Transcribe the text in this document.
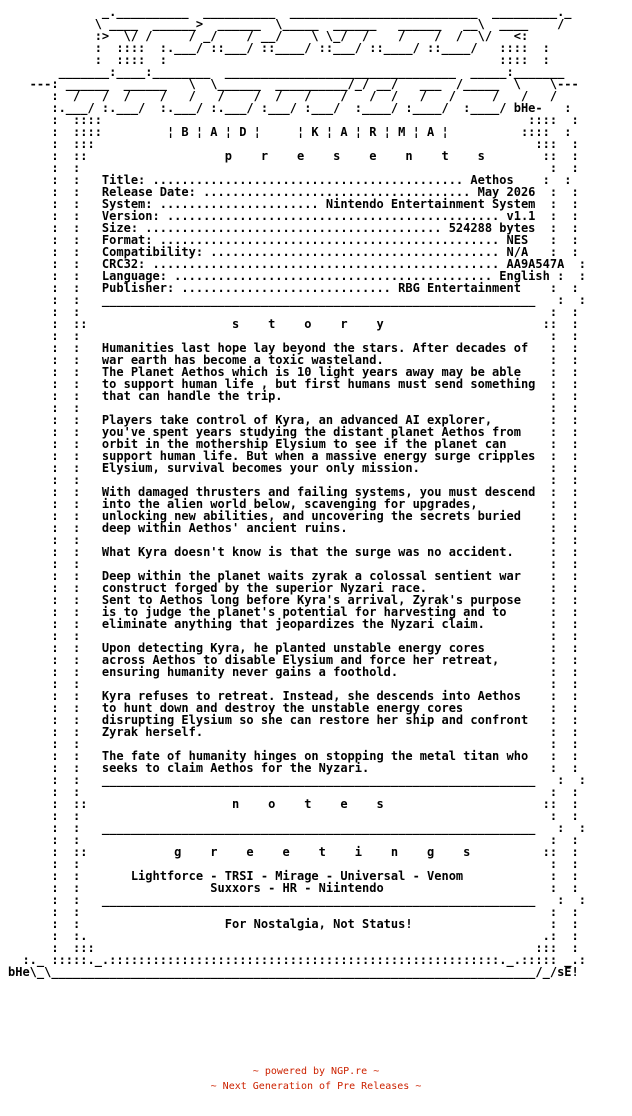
_.__________  __________  __________________________  _________._
\ ____  ______>  ______  \_____  ______   ______   __\  ____    /
:>  \/ /     / _/    / __/    \ \_/  /    /    /  /  \/   <:
:  ::::  :.___/ ::___/ ::____/ ::___/ ::____/ ::____/   ::::  :
:  ::::  :                                              ::::  :
_______:____:________  ________________________________  _____:_______
---: ______  ______   \  \______  __________/_/ __/   ___  /_____  \    \---
:  /   /  /    /   /   /    /  /   /    /   /  /   /   /     /   /   /
:.___/ :.___/  :.___/ :.___/ :___/ :___/  :____/ :____/  :____/ bHe-   :
:  ::::                                                           ::::  :
:  ::::         ¦ B ¦ A ¦ D ¦     ¦ K ¦ A ¦ R ¦ M ¦ A ¦          ::::  :
:  :::                                                             :::  :
:  ::                   p    r    e    s    e    n    t    s        ::  :
:  :                                                                 :  :
:  :   Title: ........................................... Aethos    :  :
:  :   Release Date: ..................................... May 2026  :  :
:  :   System: ...................... Nintendo Entertainment System  :  :
:  :   Version: .............................................. v1.1  :  :
:  :   Size: ......................................... 524288 bytes  :  :
:  :   Format: ............................................... NES   :  :
:  :   Compatibility: ........................................ N/A   :  :
:  :   CRC32: ................................................ AA9A547A  :
:  :   Language: ............................................ English :  :
:  :   Publisher: ............................. RBG Entertainment    :  :
:  :   ____________________________________________________________   :  :
:  :                                                                 :  :
:  ::                    s    t    o    r    y                      ::  :
:  :                                                                 :  :
:  :   Humanities last hope lay beyond the stars. After decades of   :  :
:  :   war earth has become a toxic wasteland.                       :  :
:  :   The Planet Aethos which is 10 light years away may be able    :  :
:  :   to support human life , but first humans must send something  :  :
:  :   that can handle the trip.                                     :  :
:  :                                                                 :  :
:  :   Players take control of Kyra, an advanced AI explorer,        :  :
:  :   you've spent years studying the distant planet Aethos from    :  :
:  :   orbit in the mothership Elysium to see if the planet can      :  :
:  :   support human life. But when a massive energy surge cripples  :  :
:  :   Elysium, survival becomes your only mission.                  :  :
:  :                                                                 :  :
:  :   With damaged thrusters and failing systems, you must descend  :  :
:  :   into the alien world below, scavenging for upgrades,          :  :
:  :   unlocking new abilities, and uncovering the secrets buried    :  :
:  :   deep within Aethos' ancient ruins.                            :  :
:  :                                                                 :  :
:  :   What Kyra doesn't know is that the surge was no accident.     :  :
:  :                                                                 :  :
:  :   Deep within the planet waits zyrak a colossal sentient war    :  :
:  :   construct forged by the superior Nyzari race.                 :  :
:  :   Sent to Aethos long before Kyra's arrival, Zyrak's purpose    :  :
:  :   is to judge the planet's potential for harvesting and to      :  :
:  :   eliminate anything that jeopardizes the Nyzari claim.         :  :
:  :                                                                 :  :
:  :   Upon detecting Kyra, he planted unstable energy cores         :  :
:  :   across Aethos to disable Elysium and force her retreat,       :  :
:  :   ensuring humanity never gains a foothold.                     :  :
:  :                                                                 :  :
:  :   Kyra refuses to retreat. Instead, she descends into Aethos    :  :
:  :   to hunt down and destroy the unstable energy cores            :  :
:  :   disrupting Elysium so she can restore her ship and confront   :  :
:  :   Zyrak herself.                                                :  :
:  :                                                                 :  :
:  :   The fate of humanity hinges on stopping the metal titan who   :  :
:  :   seeks to claim Aethos for the Nyzari.                         :  :
:  :   ____________________________________________________________   :  :
:  :                                                                 :  :
:  ::                    n    o    t    e    s                      ::  :
:  :                                                                 :  :
:  :   ____________________________________________________________   :  :
:  :                                                                 :  :
:  ::            g    r    e    e    t    i    n    g    s          ::  :
:  :                                                                 :  :
:  :       Lightforce - TRSI - Mirage - Universal - Venom            :  :
:  :                  Suxxors - HR - Niintendo                       :  :
:  :   ____________________________________________________________   :  :
:  :                                                                 :  :
:  :                    For Nostalgia, Not Status!                   :  :
:  :.                                                               .:  :
:  :::                                                             :::  :
:._ :::::._.::::::::::::::::::::::::::::::::::::::::::::::::::::::._.::::: _.:
bHe\_\___________________________________________________________________/_/sE!

~ powered by NGP.re ~
~ Next Generation of Pre Releases ~
